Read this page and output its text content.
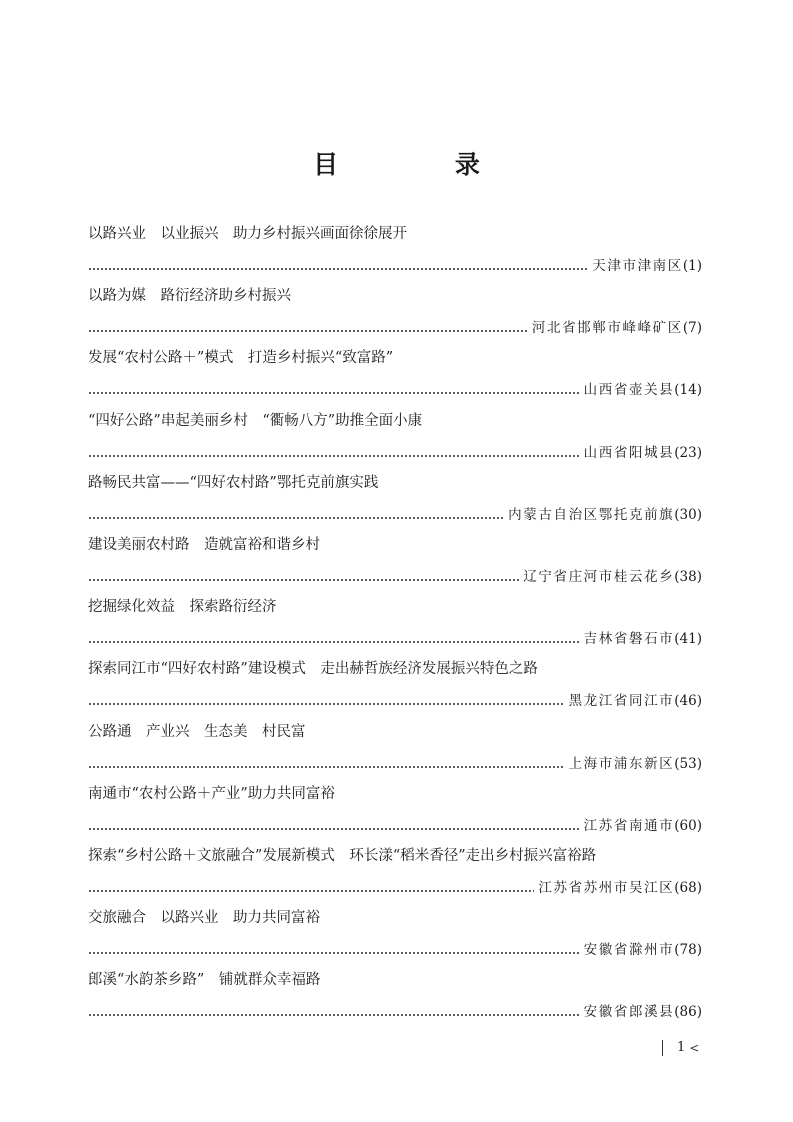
目 录
以路兴业　以业振兴　助力乡村振兴画面徐徐展开
天津市津南区 (1)
以路为媒　路衍经济助乡村振兴
河北省邯郸市峰峰矿区 (7)
发展“农村公路＋”模式　打造乡村振兴“致富路”
山西省壶关县 (14)
“四好公路”串起美丽乡村　“衢畅八方”助推全面小康
山西省阳城县 (23)
路畅民共富——“四好农村路”鄂托克前旗实践
内蒙古自治区鄂托克前旗 (30)
建设美丽农村路　造就富裕和谐乡村
辽宁省庄河市桂云花乡 (38)
挖掘绿化效益　探索路衍经济
吉林省磐石市 (41)
探索同江市“四好农村路”建设模式　走出赫哲族经济发展振兴特色之路
黑龙江省同江市 (46)
公路通　产业兴　生态美　村民富
上海市浦东新区 (53)
南通市“农村公路＋产业”助力共同富裕
江苏省南通市 (60)
探索“乡村公路＋文旅融合”发展新模式　环长漾“稻米香径”走出乡村振兴富裕路
江苏省苏州市吴江区 (68)
交旅融合　以路兴业　助力共同富裕
安徽省滁州市 (78)
郎溪“水韵茶乡路”　铺就群众幸福路
安徽省郎溪县 (86)
1 <
